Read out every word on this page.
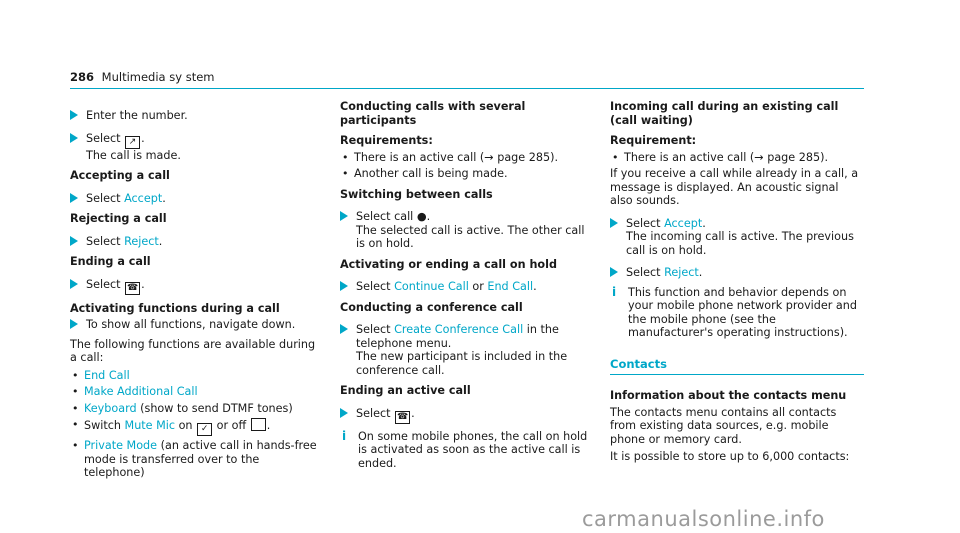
286 Multimedia sy stem
Enter the number.
Select ↗ .
The call is made.
Accepting a call
Select Accept.
Rejecting a call
Select Reject.
Ending a call
Select ☎ .
Activating functions during a call
To show all functions, navigate down.
The following functions are available during a call:
• End Call
• Make Additional Call
• Keyboard (show to send DTMF tones)
• Switch Mute Mic on ✓ or off .
• Private Mode (an active call in hands-free mode is transferred over to the telephone)
Conducting calls with several participants
Requirements:
• There is an active call (→ page 285).
• Another call is being made.
Switching between calls
Select call ●.
The selected call is active. The other call is on hold.
Activating or ending a call on hold
Select Continue Call or End Call.
Conducting a conference call
Select Create Conference Call in the telephone menu.
The new participant is included in the conference call.
Ending an active call
Select ☎ .
i On some mobile phones, the call on hold is activated as soon as the active call is ended.
Incoming call during an existing call (call waiting)
Requirement:
• There is an active call (→ page 285).
If you receive a call while already in a call, a message is displayed. An acoustic signal also sounds.
Select Accept.
The incoming call is active. The previous call is on hold.
Select Reject.
i This function and behavior depends on your mobile phone network provider and the mobile phone (see the manufacturer's operating instructions).
Contacts
Information about the contacts menu
The contacts menu contains all contacts from existing data sources, e.g. mobile phone or memory card.
It is possible to store up to 6,000 contacts:
carmanualsonline.info
